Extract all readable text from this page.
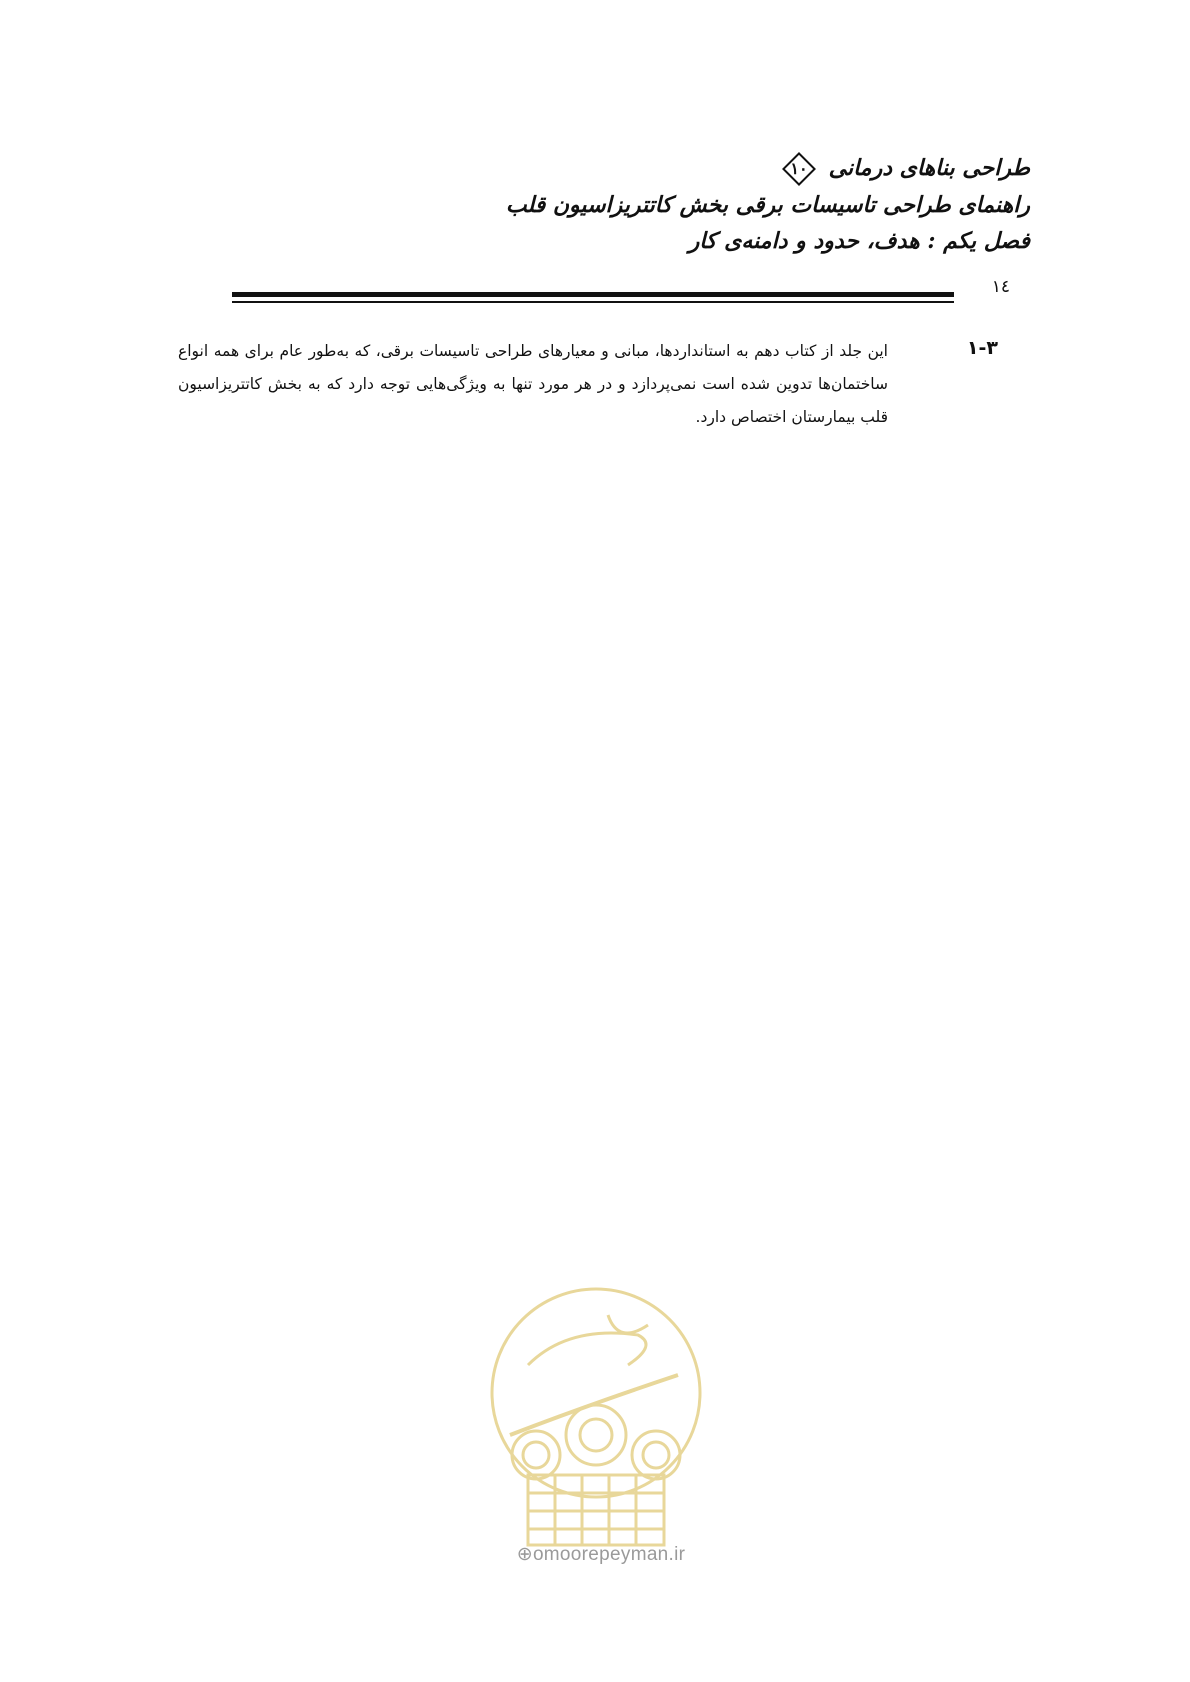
طراحی بناهای درمانی
۱۰
راهنمای طراحی تاسیسات برقی بخش کاتتریزاسیون قلب
فصل یکم : هدف، حدود و دامنه‌ی کار
١٤
۱-۳
این جلد از کتاب دهم به استانداردها، مبانی و معیارهای طراحی تاسیسات برقی، که به‌طور عام برای همه انواع ساختمان‌ها تدوین شده است نمی‌پردازد و در هر مورد تنها به ویژگی‌هایی توجه دارد که به بخش کاتتریزاسیون قلب بیمارستان اختصاص دارد.
⊕omoorepeyman.ir
